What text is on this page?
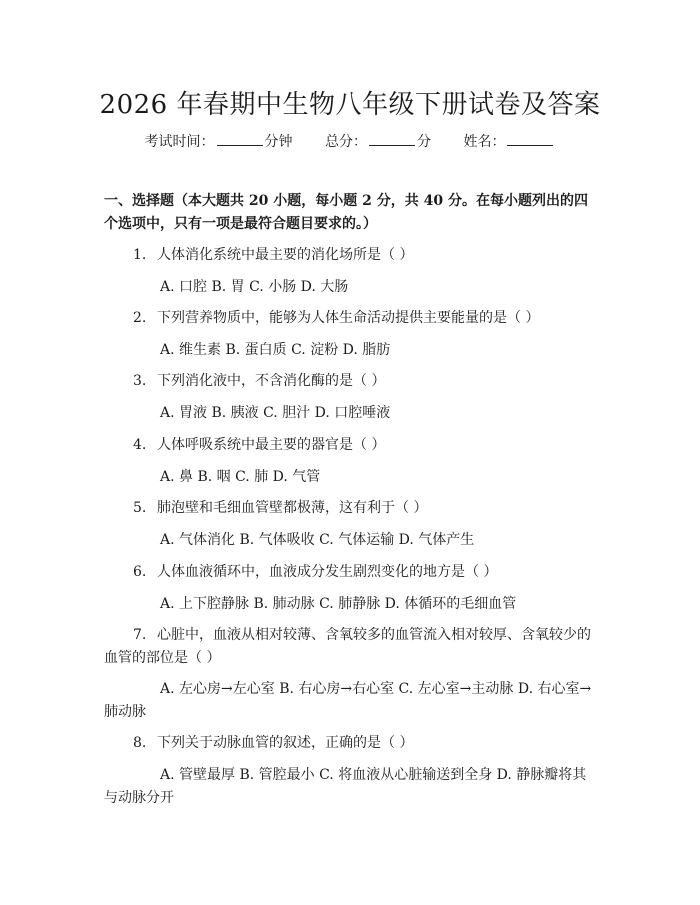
2026 年春期中生物八年级下册试卷及答案
考试时间：	分钟 总分：	分 姓名：
一、选择题（本大题共 20 小题，每小题 2 分，共 40 分。在每小题列出的四个选项中，只有一项是最符合题目要求的。）
1. 人体消化系统中最主要的消化场所是（ ）
A. 口腔 B. 胃 C. 小肠 D. 大肠
2. 下列营养物质中，能够为人体生命活动提供主要能量的是（ ）
A. 维生素 B. 蛋白质 C. 淀粉 D. 脂肪
3. 下列消化液中，不含消化酶的是（ ）
A. 胃液 B. 胰液 C. 胆汁 D. 口腔唾液
4. 人体呼吸系统中最主要的器官是（ ）
A. 鼻 B. 咽 C. 肺 D. 气管
5. 肺泡壁和毛细血管壁都极薄，这有利于（ ）
A. 气体消化 B. 气体吸收 C. 气体运输 D. 气体产生
6. 人体血液循环中，血液成分发生剧烈变化的地方是（ ）
A. 上下腔静脉 B. 肺动脉 C. 肺静脉 D. 体循环的毛细血管
7. 心脏中，血液从相对较薄、含氧较多的血管流入相对较厚、含氧较少的血管的部位是（ ）
A. 左心房→左心室 B. 右心房→右心室 C. 左心室→主动脉 D. 右心室→肺动脉
8. 下列关于动脉血管的叙述，正确的是（ ）
A. 管壁最厚 B. 管腔最小 C. 将血液从心脏输送到全身 D. 静脉瓣将其与动脉分开
